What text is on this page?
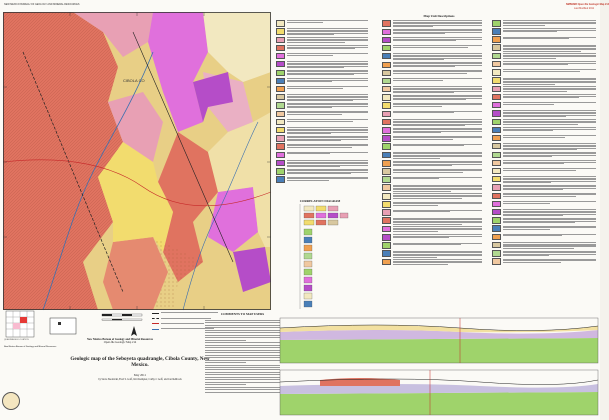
NEW MEXICO BUREAU OF GEOLOGY AND MINERAL RESOURCES	NMBGMR Open-file Geologic Map 214
Last Modified 2011
CIBOLA CO
QUADRANGLE LOCATION
New Mexico Bureau of Geology and Mineral Resources
New Mexico Bureau of Geology and Mineral Resources
Open-file Geologic Map 214
Geologic map of the Seboyeta quadrangle, Cibola County, New Mexico.
May 2011
by Steve Skotnicki, Fred S. Goff, Kirt Kempter, Cathy J. Goff, and Jon Rehbock
COMMENTS TO MAP USERS
Map Unit Descriptions
CORRELATION DIAGRAM
